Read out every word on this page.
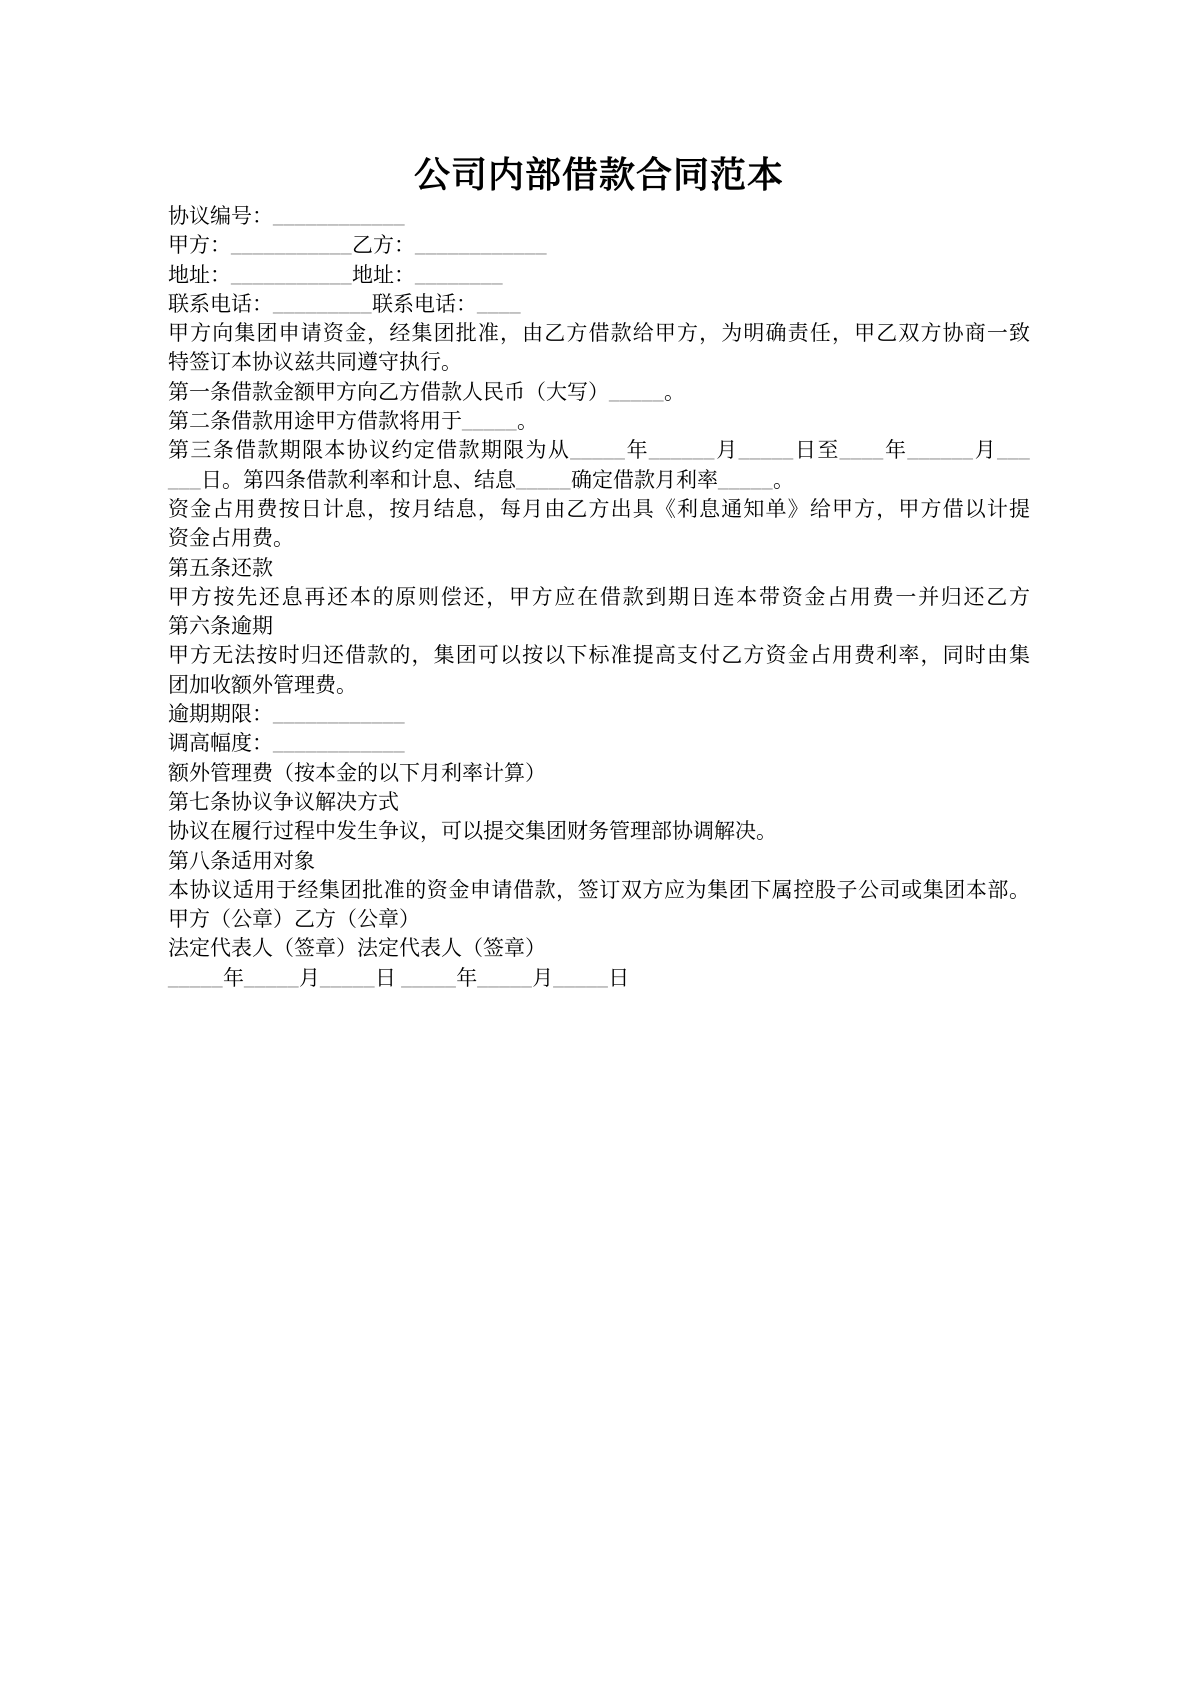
公司内部借款合同范本
协议编号：____________
甲方：___________乙方：____________
地址：___________地址：________
联系电话：_________联系电话：____
甲方向集团申请资金，经集团批准，由乙方借款给甲方，为明确责任，甲乙双方协商一致
特签订本协议兹共同遵守执行。
第一条借款金额甲方向乙方借款人民币（大写）_____。
第二条借款用途甲方借款将用于_____。
第三条借款期限本协议约定借款期限为从_____年______月_____日至____年______月___
___日。第四条借款利率和计息、结息_____确定借款月利率_____。
资金占用费按日计息，按月结息，每月由乙方出具《利息通知单》给甲方，甲方借以计提
资金占用费。
第五条还款
甲方按先还息再还本的原则偿还，甲方应在借款到期日连本带资金占用费一并归还乙方
第六条逾期
甲方无法按时归还借款的，集团可以按以下标准提高支付乙方资金占用费利率，同时由集
团加收额外管理费。
逾期期限：____________
调高幅度：____________
额外管理费（按本金的以下月利率计算）
第七条协议争议解决方式
协议在履行过程中发生争议，可以提交集团财务管理部协调解决。
第八条适用对象
本协议适用于经集团批准的资金申请借款，签订双方应为集团下属控股子公司或集团本部。
甲方（公章）乙方（公章）
法定代表人（签章）法定代表人（签章）
_____年_____月_____日 _____年_____月_____日
